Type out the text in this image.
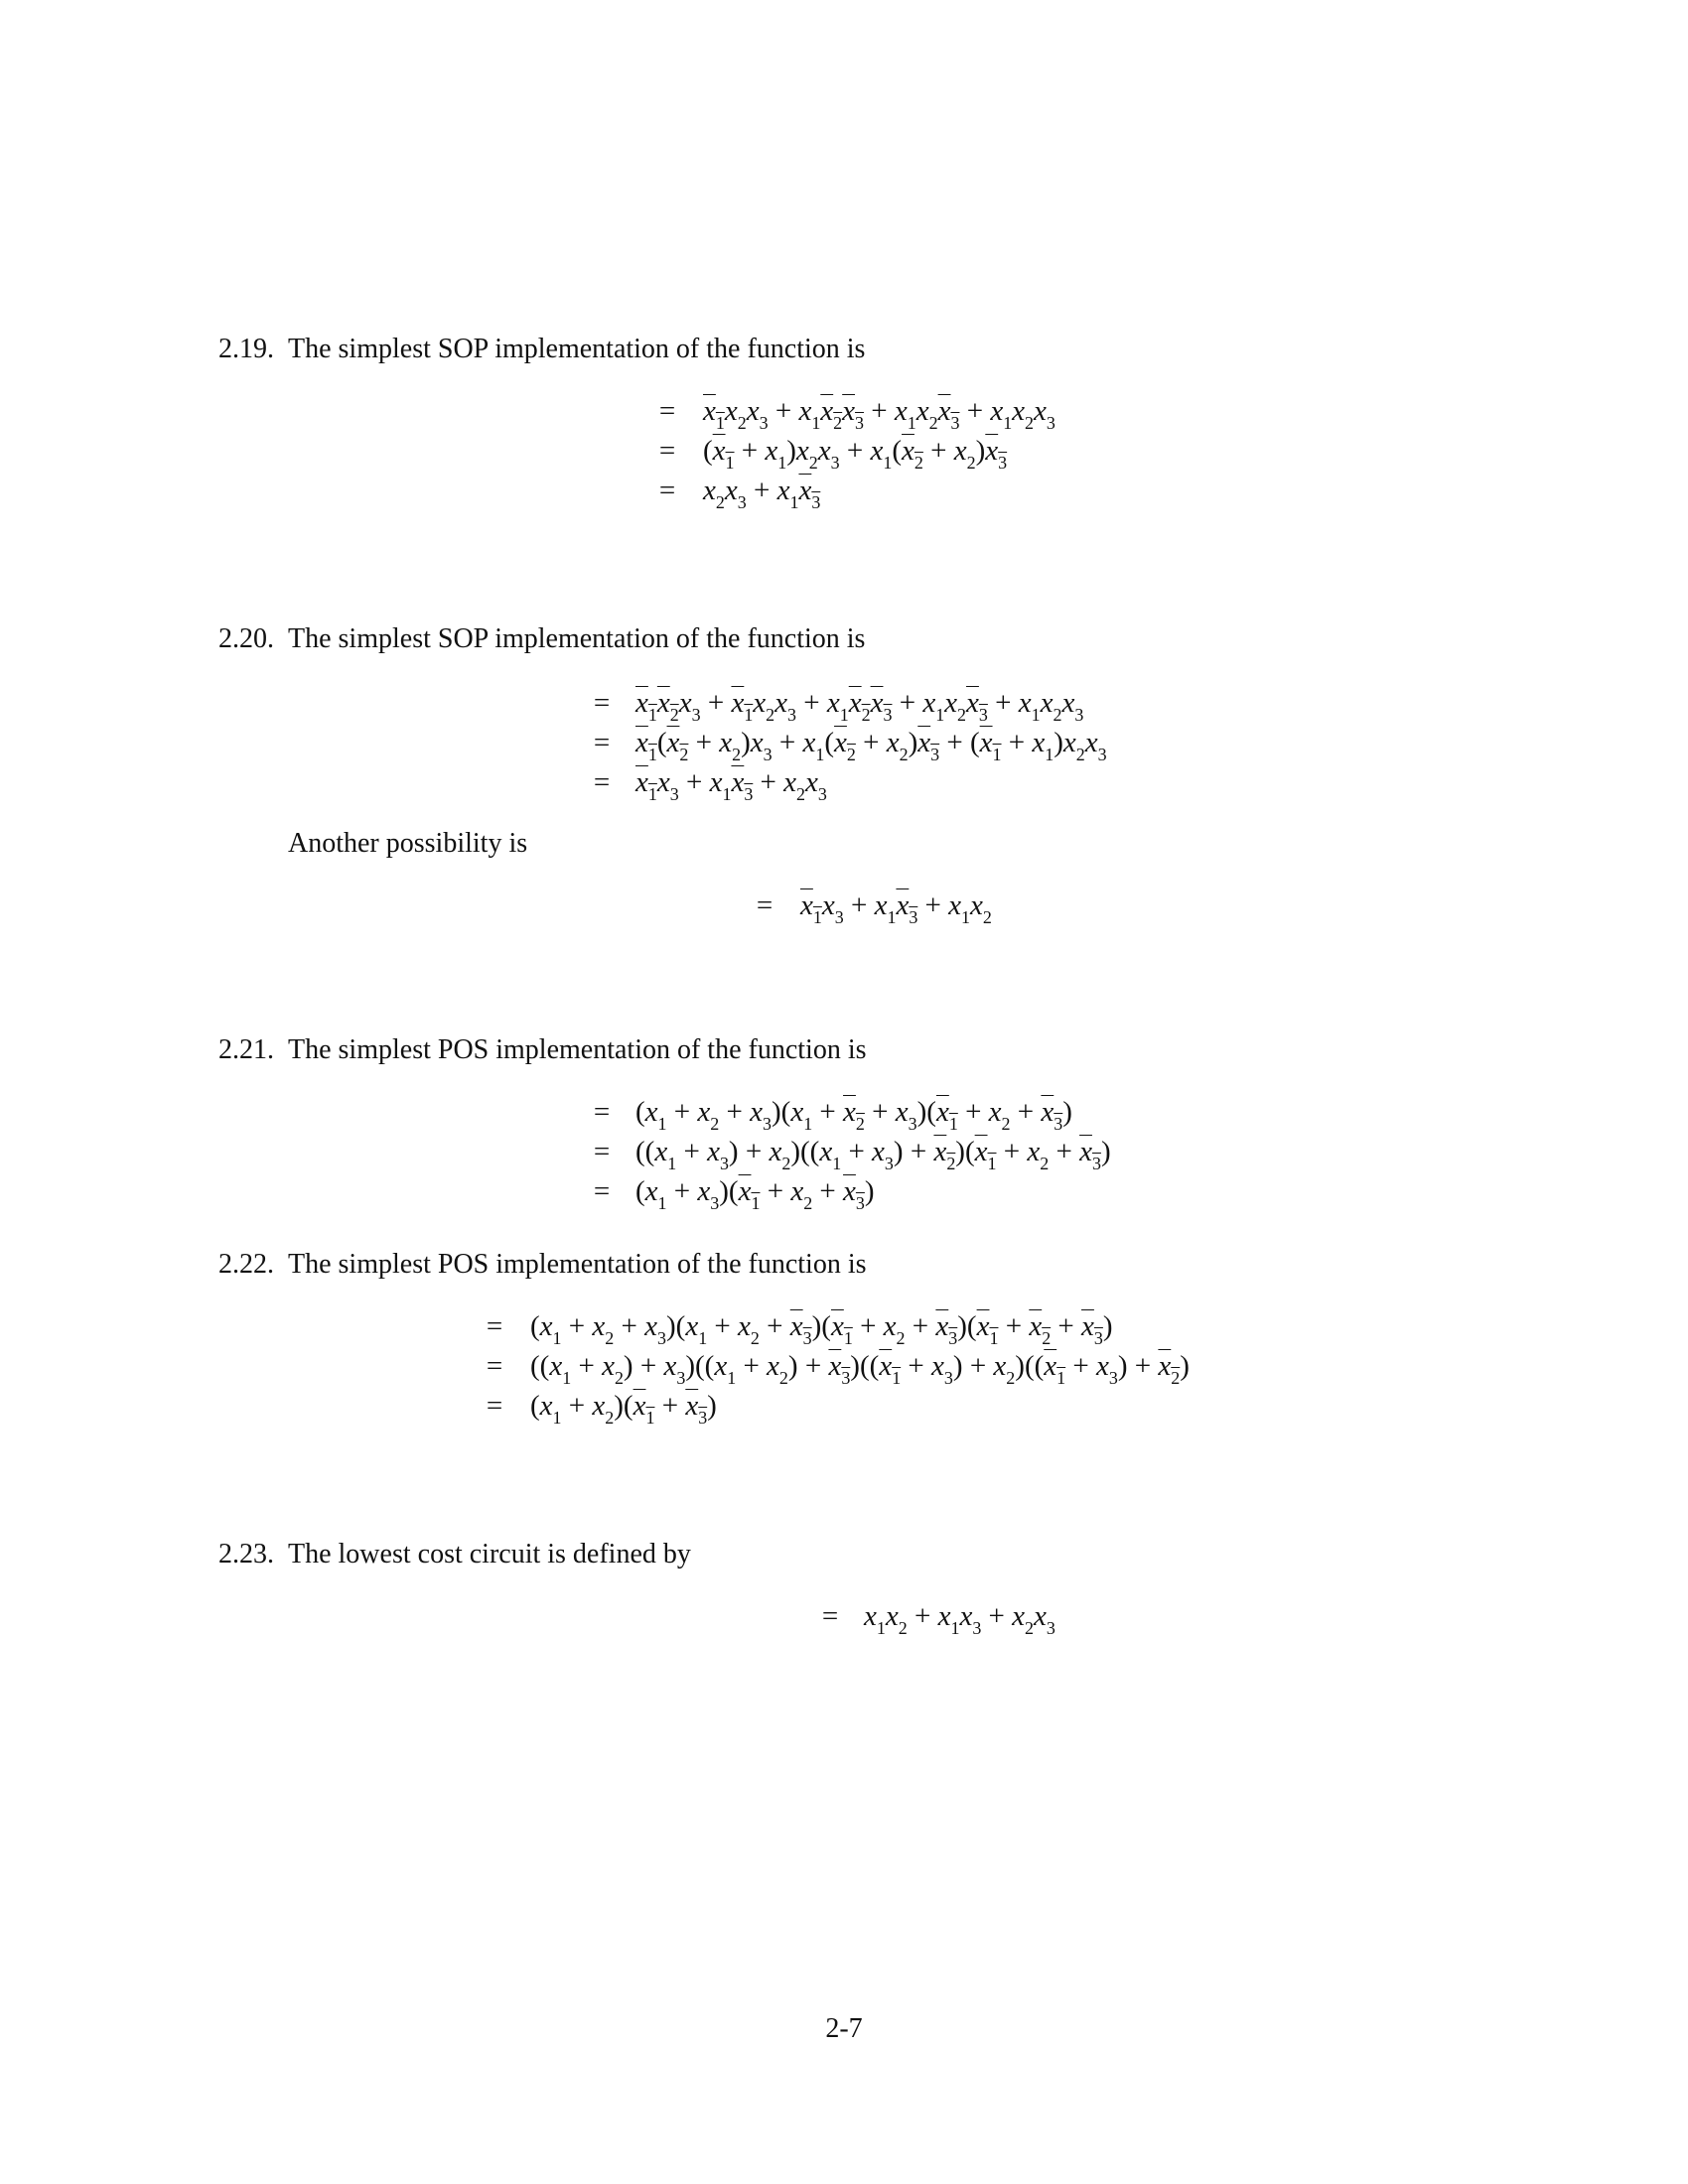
2.19. The simplest SOP implementation of the function is
2.20. The simplest SOP implementation of the function is
Another possibility is
2.21. The simplest POS implementation of the function is
2.22. The simplest POS implementation of the function is
2.23. The lowest cost circuit is defined by
= $x_1x_2x_3 + x_1x_2x_3 + x_1x_2x_3 + x_1x_2x_3$
= $(x_1 + x_1)x_2x_3 + x_1(x_2 + x_2)x_3$
= $x_2x_3 + x_1x_3$
= $x_1x_2x_3 + x_1x_2x_3 + x_1x_2x_3 + x_1x_2x_3 + x_1x_2x_3$
= $x_1(x_2 + x_2)x_3 + x_1(x_2 + x_2)x_3 + (x_1 + x_1)x_2x_3$
= $x_1x_3 + x_1x_3 + x_2x_3$
= $x_1x_3 + x_1x_3 + x_1x_2$
= $(x_1 + x_2 + x_3)(x_1 + x_2 + x_3)(x_1 + x_2 + x_3)$
= $((x_1 + x_3) + x_2)((x_1 + x_3) + x_2)(x_1 + x_2 + x_3)$
= $(x_1 + x_3)(x_1 + x_2 + x_3)$
= $(x_1 + x_2 + x_3)(x_1 + x_2 + x_3)(x_1 + x_2 + x_3)(x_1 + x_2 + x_3)$
= $((x_1 + x_2) + x_3)((x_1 + x_2) + x_3)((x_1 + x_3) + x_2)((x_1 + x_3) + x_2)$
= $(x_1 + x_2)(x_1 + x_3)$
= $x_1x_2 + x_1x_3 + x_2x_3$
2-7
